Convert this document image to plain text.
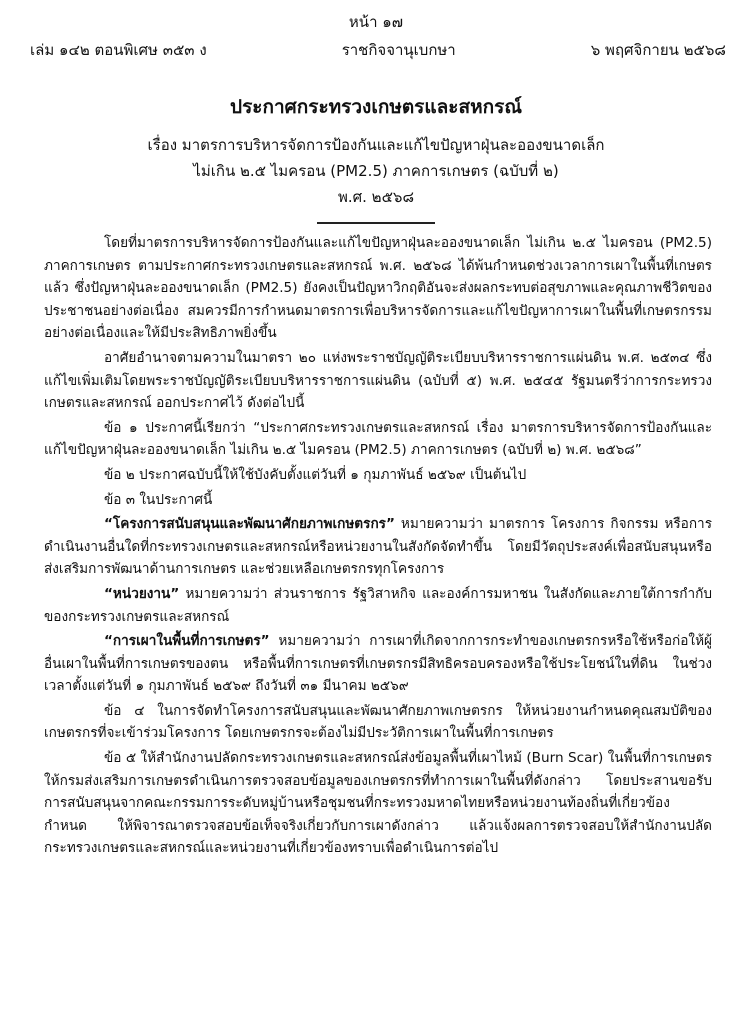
หน้า ๑๗
เล่ม ๑๔๒ ตอนพิเศษ ๓๕๓ ง	ราชกิจจานุเบกษา	๖ พฤศจิกายน ๒๕๖๘
ประกาศกระทรวงเกษตรและสหกรณ์
เรื่อง มาตรการบริหารจัดการป้องกันและแก้ไขปัญหาฝุ่นละอองขนาดเล็ก
ไม่เกิน ๒.๕ ไมครอน (PM2.5) ภาคการเกษตร (ฉบับที่ ๒)
พ.ศ. ๒๕๖๘

โดยที่มาตรการบริหารจัดการป้องกันและแก้ไขปัญหาฝุ่นละอองขนาดเล็ก ไม่เกิน ๒.๕ ไมครอน (PM2.5) ภาคการเกษตร ตามประกาศกระทรวงเกษตรและสหกรณ์ พ.ศ. ๒๕๖๘ ได้พ้นกำหนดช่วงเวลาการเผาในพื้นที่เกษตรแล้ว ซึ่งปัญหาฝุ่นละอองขนาดเล็ก (PM2.5) ยังคงเป็นปัญหาวิกฤติอันจะส่งผลกระทบต่อสุขภาพและคุณภาพชีวิตของประชาชนอย่างต่อเนื่อง สมควรมีการกำหนดมาตรการเพื่อบริหารจัดการและแก้ไขปัญหาการเผาในพื้นที่เกษตรกรรมอย่างต่อเนื่องและให้มีประสิทธิภาพยิ่งขึ้น

อาศัยอำนาจตามความในมาตรา ๒๐ แห่งพระราชบัญญัติระเบียบบริหารราชการแผ่นดิน พ.ศ. ๒๕๓๔ ซึ่งแก้ไขเพิ่มเติมโดยพระราชบัญญัติระเบียบบริหารราชการแผ่นดิน (ฉบับที่ ๕) พ.ศ. ๒๕๔๕ รัฐมนตรีว่าการกระทรวงเกษตรและสหกรณ์ ออกประกาศไว้ ดังต่อไปนี้

ข้อ ๑ ประกาศนี้เรียกว่า “ประกาศกระทรวงเกษตรและสหกรณ์ เรื่อง มาตรการบริหารจัดการป้องกันและแก้ไขปัญหาฝุ่นละอองขนาดเล็ก ไม่เกิน ๒.๕ ไมครอน (PM2.5) ภาคการเกษตร (ฉบับที่ ๒) พ.ศ. ๒๕๖๘”

ข้อ ๒ ประกาศฉบับนี้ให้ใช้บังคับตั้งแต่วันที่ ๑ กุมภาพันธ์ ๒๕๖๙ เป็นต้นไป

ข้อ ๓ ในประกาศนี้

“โครงการสนับสนุนและพัฒนาศักยภาพเกษตรกร” หมายความว่า มาตรการ โครงการ กิจกรรม หรือการดำเนินงานอื่นใดที่กระทรวงเกษตรและสหกรณ์หรือหน่วยงานในสังกัดจัดทำขึ้น โดยมีวัตถุประสงค์เพื่อสนับสนุนหรือส่งเสริมการพัฒนาด้านการเกษตร และช่วยเหลือเกษตรกรทุกโครงการ

“หน่วยงาน” หมายความว่า ส่วนราชการ รัฐวิสาหกิจ และองค์การมหาชน ในสังกัดและภายใต้การกำกับของกระทรวงเกษตรและสหกรณ์

“การเผาในพื้นที่การเกษตร” หมายความว่า การเผาที่เกิดจากการกระทำของเกษตรกรหรือใช้หรือก่อให้ผู้อื่นเผาในพื้นที่การเกษตรของตน หรือพื้นที่การเกษตรที่เกษตรกรมีสิทธิครอบครองหรือใช้ประโยชน์ในที่ดิน ในช่วงเวลาตั้งแต่วันที่ ๑ กุมภาพันธ์ ๒๕๖๙ ถึงวันที่ ๓๑ มีนาคม ๒๕๖๙

ข้อ ๔ ในการจัดทำโครงการสนับสนุนและพัฒนาศักยภาพเกษตรกร ให้หน่วยงานกำหนดคุณสมบัติของเกษตรกรที่จะเข้าร่วมโครงการ โดยเกษตรกรจะต้องไม่มีประวัติการเผาในพื้นที่การเกษตร

ข้อ ๕ ให้สำนักงานปลัดกระทรวงเกษตรและสหกรณ์ส่งข้อมูลพื้นที่เผาไหม้ (Burn Scar) ในพื้นที่การเกษตรให้กรมส่งเสริมการเกษตรดำเนินการตรวจสอบข้อมูลของเกษตรกรที่ทำการเผาในพื้นที่ดังกล่าว โดยประสานขอรับการสนับสนุนจากคณะกรรมการระดับหมู่บ้านหรือชุมชนที่กระทรวงมหาดไทยหรือหน่วยงานท้องถิ่นที่เกี่ยวข้องกำหนด ให้พิจารณาตรวจสอบข้อเท็จจริงเกี่ยวกับการเผาดังกล่าว แล้วแจ้งผลการตรวจสอบให้สำนักงานปลัดกระทรวงเกษตรและสหกรณ์และหน่วยงานที่เกี่ยวข้องทราบเพื่อดำเนินการต่อไป
